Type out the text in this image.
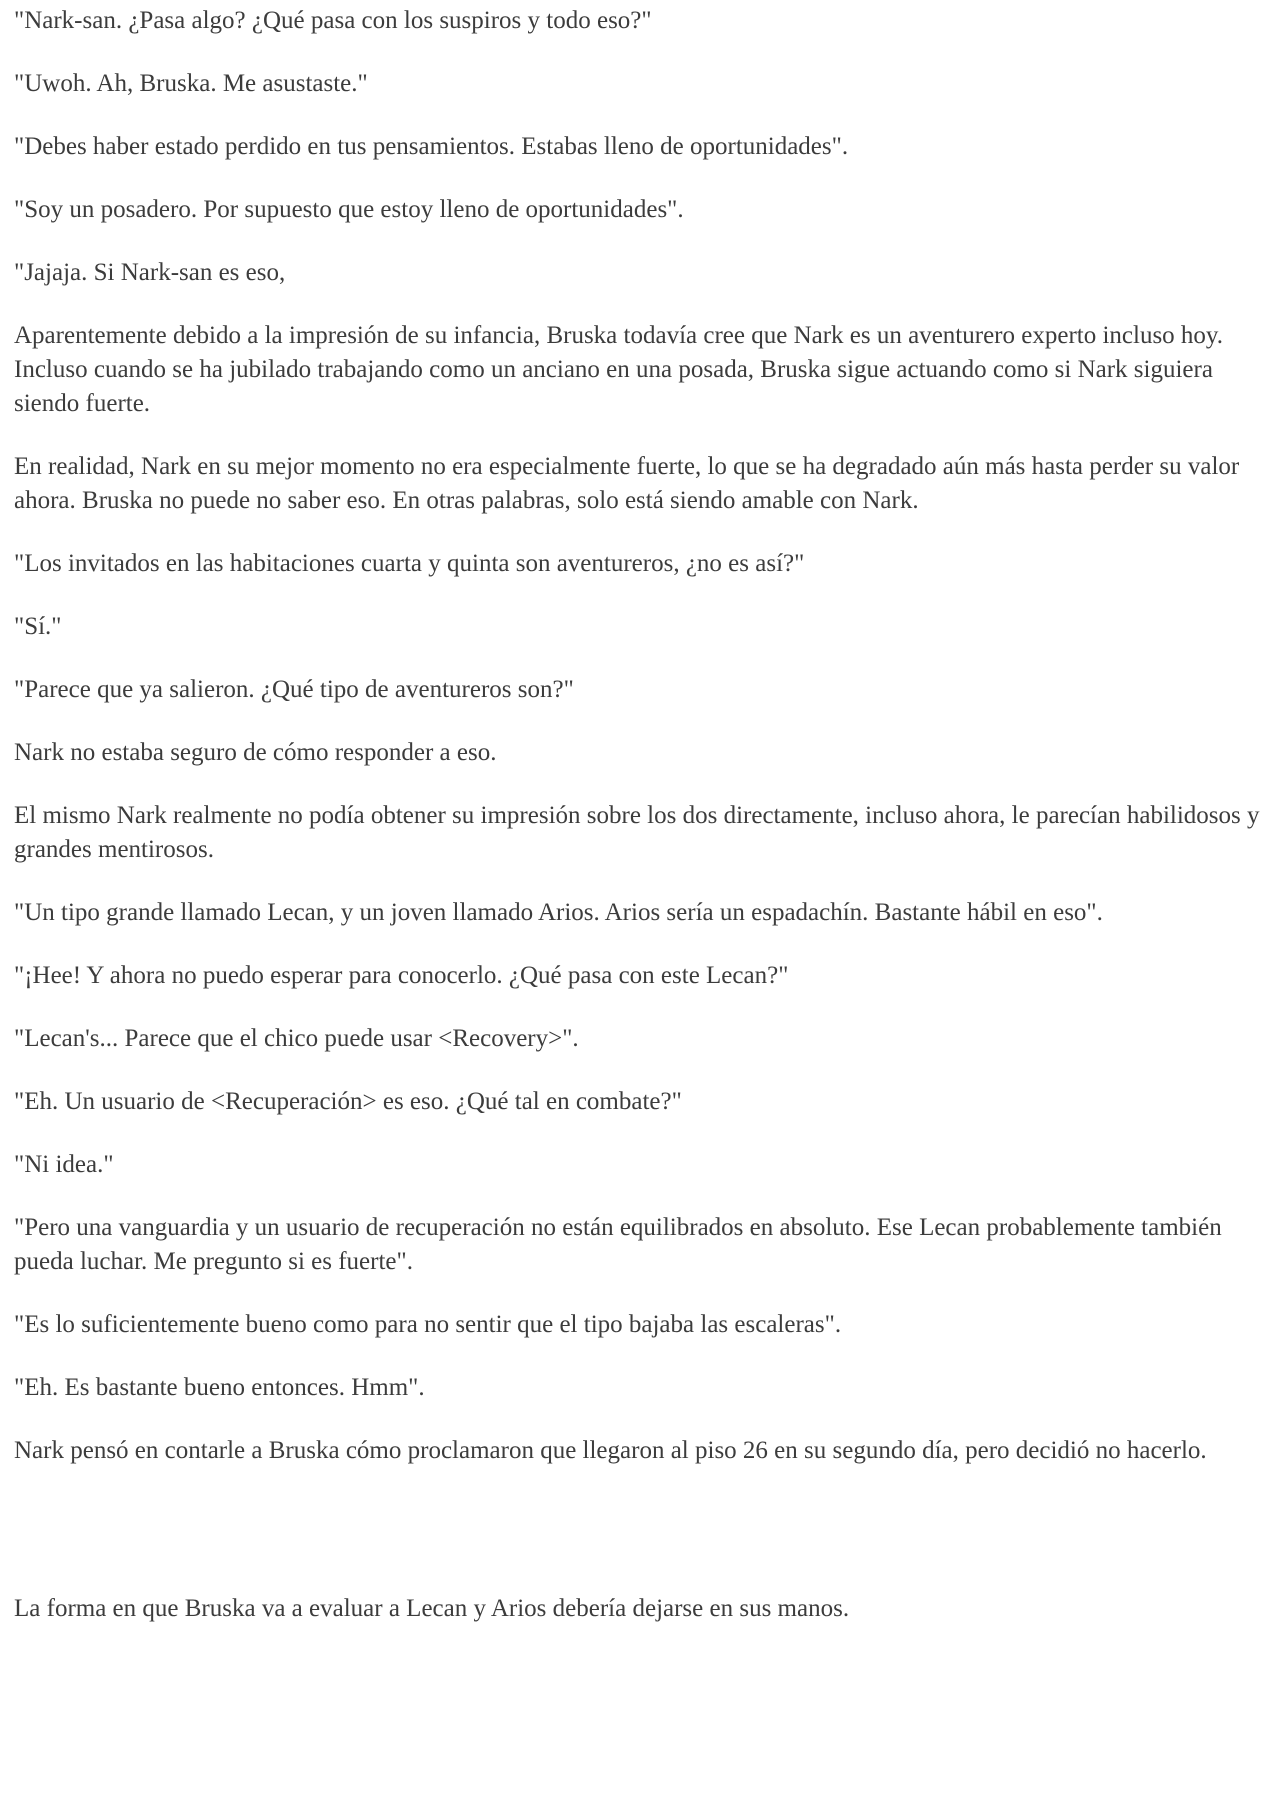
"Nark-san. ¿Pasa algo? ¿Qué pasa con los suspiros y todo eso?"

"Uwoh. Ah, Bruska. Me asustaste."

"Debes haber estado perdido en tus pensamientos. Estabas lleno de oportunidades".

"Soy un posadero. Por supuesto que estoy lleno de oportunidades".

"Jajaja. Si Nark-san es eso,

Aparentemente debido a la impresión de su infancia, Bruska todavía cree que Nark es un aventurero experto incluso hoy. Incluso cuando se ha jubilado trabajando como un anciano en una posada, Bruska sigue actuando como si Nark siguiera siendo fuerte.

En realidad, Nark en su mejor momento no era especialmente fuerte, lo que se ha degradado aún más hasta perder su valor ahora. Bruska no puede no saber eso. En otras palabras, solo está siendo amable con Nark.

"Los invitados en las habitaciones cuarta y quinta son aventureros, ¿no es así?"

"Sí."

"Parece que ya salieron. ¿Qué tipo de aventureros son?"

Nark no estaba seguro de cómo responder a eso.

El mismo Nark realmente no podía obtener su impresión sobre los dos directamente, incluso ahora, le parecían habilidosos y grandes mentirosos.

"Un tipo grande llamado Lecan, y un joven llamado Arios. Arios sería un espadachín. Bastante hábil en eso".

"¡Hee! Y ahora no puedo esperar para conocerlo. ¿Qué pasa con este Lecan?"

"Lecan's... Parece que el chico puede usar <Recovery>".

"Eh. Un usuario de <Recuperación> es eso. ¿Qué tal en combate?"

"Ni idea."

"Pero una vanguardia y un usuario de recuperación no están equilibrados en absoluto. Ese Lecan probablemente también pueda luchar. Me pregunto si es fuerte".

"Es lo suficientemente bueno como para no sentir que el tipo bajaba las escaleras".

"Eh. Es bastante bueno entonces. Hmm".

Nark pensó en contarle a Bruska cómo proclamaron que llegaron al piso 26 en su segundo día, pero decidió no hacerlo.

La forma en que Bruska va a evaluar a Lecan y Arios debería dejarse en sus manos.
